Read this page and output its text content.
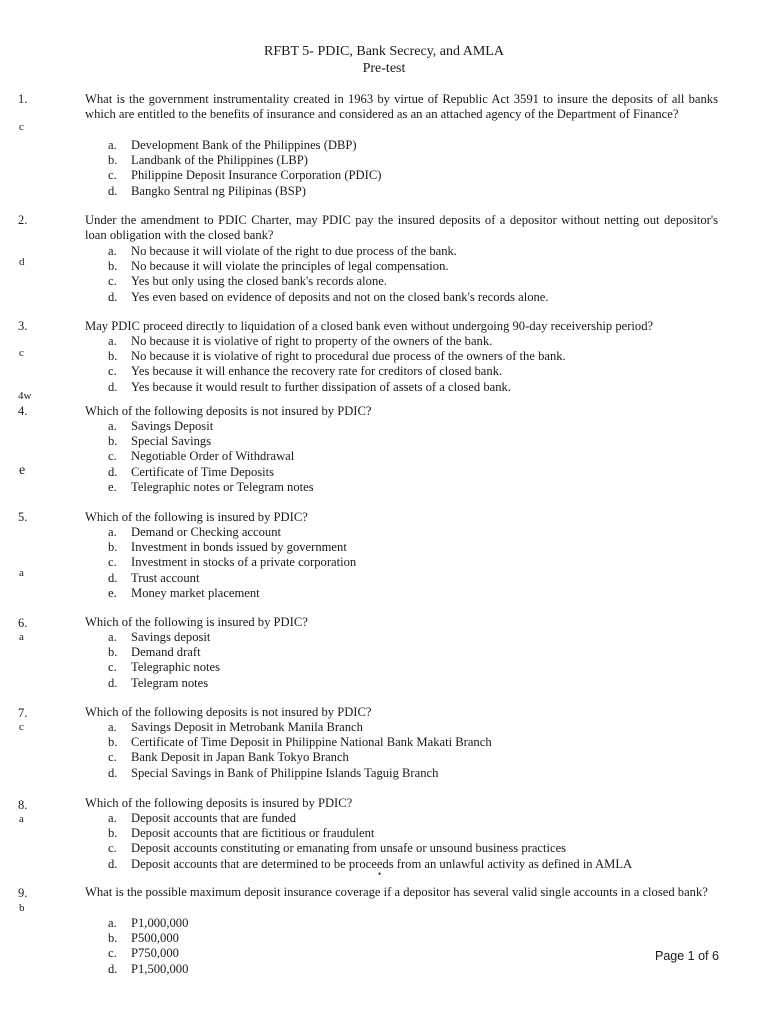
RFBT 5- PDIC, Bank Secrecy, and AMLA
Pre-test
1.
c
What is the government instrumentality created in 1963 by virtue of Republic Act 3591 to insure the deposits of all banks which are entitled to the benefits of insurance and considered as an an attached agency of the Department of Finance?
a. Development Bank of the Philippines (DBP)
b. Landbank of the Philippines (LBP)
c. Philippine Deposit Insurance Corporation (PDIC)
d. Bangko Sentral ng Pilipinas (BSP)
2.
d
Under the amendment to PDIC Charter, may PDIC pay the insured deposits of a depositor without netting out depositor's loan obligation with the closed bank?
a. No because it will violate of the right to due process of the bank.
b. No because it will violate the principles of legal compensation.
c. Yes but only using the closed bank's records alone.
d. Yes even based on evidence of deposits and not on the closed bank's records alone.
3.
c
May PDIC proceed directly to liquidation of a closed bank even without undergoing 90-day receivership period?
a. No because it is violative of right to property of the owners of the bank.
b. No because it is violative of right to procedural due process of the owners of the bank.
c. Yes because it will enhance the recovery rate for creditors of closed bank.
d. Yes because it would result to further dissipation of assets of a closed bank.
4w
4.
e
Which of the following deposits is not insured by PDIC?
a. Savings Deposit
b. Special Savings
c. Negotiable Order of Withdrawal
d. Certificate of Time Deposits
e. Telegraphic notes or Telegram notes
5.
a
Which of the following is insured by PDIC?
a. Demand or Checking account
b. Investment in bonds issued by government
c. Investment in stocks of a private corporation
d. Trust account
e. Money market placement
6.
a
Which of the following is insured by PDIC?
a. Savings deposit
b. Demand draft
c. Telegraphic notes
d. Telegram notes
7.
c
Which of the following deposits is not insured by PDIC?
a. Savings Deposit in Metrobank Manila Branch
b. Certificate of Time Deposit in Philippine National Bank Makati Branch
c. Bank Deposit in Japan Bank Tokyo Branch
d. Special Savings in Bank of Philippine Islands Taguig Branch
8.
a
Which of the following deposits is insured by PDIC?
a. Deposit accounts that are funded
b. Deposit accounts that are fictitious or fraudulent
c. Deposit accounts constituting or emanating from unsafe or unsound business practices
d. Deposit accounts that are determined to be proceeds from an unlawful activity as defined in AMLA
•
9.
b
What is the possible maximum deposit insurance coverage if a depositor has several valid single accounts in a closed bank?
a. P1,000,000
b. P500,000
c. P750,000
d. P1,500,000
Page 1 of 6
